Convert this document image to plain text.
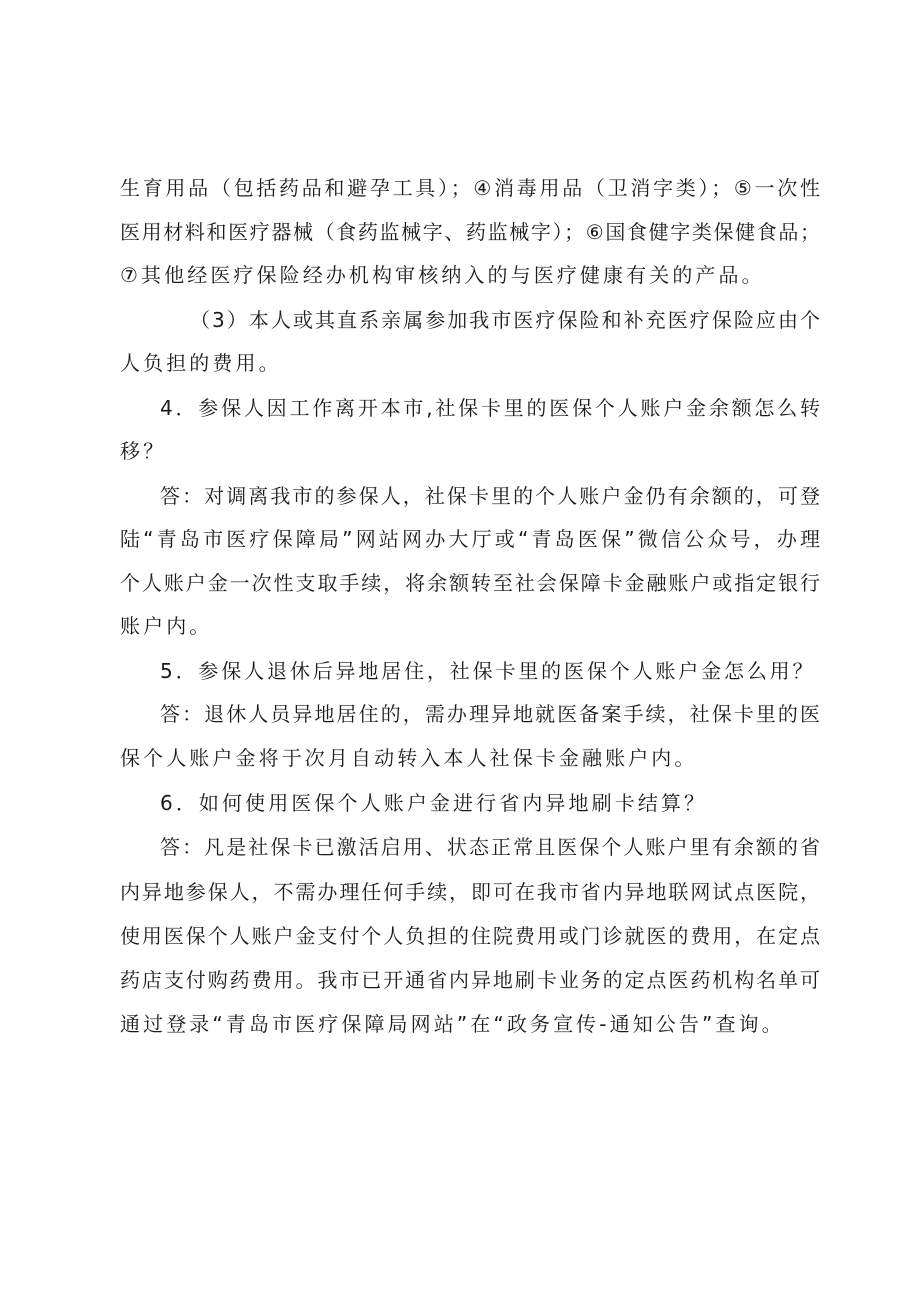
生育用品（包括药品和避孕工具）；④消毒用品（卫消字类）；⑤一次性
医用材料和医疗器械（食药监械字、药监械字）；⑥国食健字类保健食品；
⑦其他经医疗保险经办机构审核纳入的与医疗健康有关的产品。
（3）本人或其直系亲属参加我市医疗保险和补充医疗保险应由个
人负担的费用。
4．参保人因工作离开本市,社保卡里的医保个人账户金余额怎么转
移？
答：对调离我市的参保人，社保卡里的个人账户金仍有余额的，可登
陆“青岛市医疗保障局”网站网办大厅或“青岛医保”微信公众号，办理
个人账户金一次性支取手续，将余额转至社会保障卡金融账户或指定银行
账户内。
5．参保人退休后异地居住，社保卡里的医保个人账户金怎么用？
答：退休人员异地居住的，需办理异地就医备案手续，社保卡里的医
保个人账户金将于次月自动转入本人社保卡金融账户内。
6．如何使用医保个人账户金进行省内异地刷卡结算？
答：凡是社保卡已激活启用、状态正常且医保个人账户里有余额的省
内异地参保人，不需办理任何手续，即可在我市省内异地联网试点医院，
使用医保个人账户金支付个人负担的住院费用或门诊就医的费用，在定点
药店支付购药费用。我市已开通省内异地刷卡业务的定点医药机构名单可
通过登录“青岛市医疗保障局网站”在“政务宣传-通知公告”查询。
